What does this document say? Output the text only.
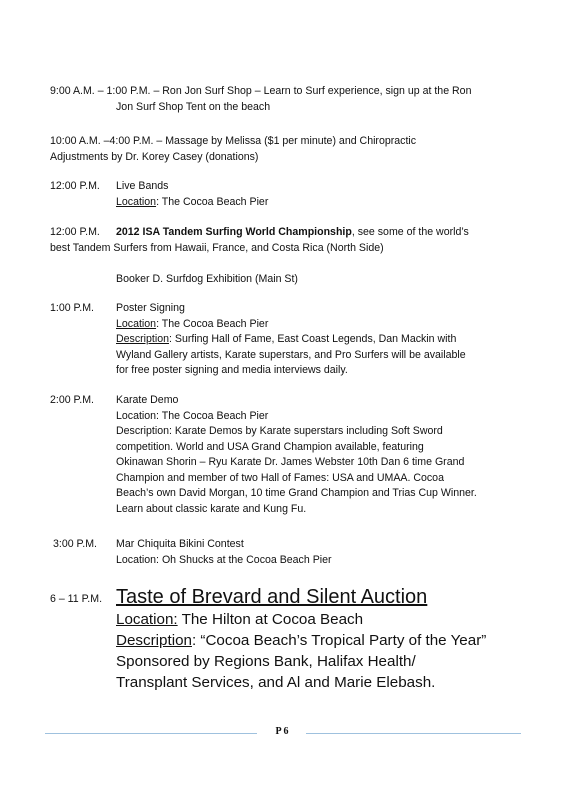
9:00 A.M. – 1:00 P.M. – Ron Jon Surf Shop – Learn to Surf experience, sign up at the Ron

Jon Surf Shop Tent on the beach
10:00 A.M. –4:00 P.M. – Massage by Melissa ($1 per minute) and Chiropractic
Adjustments by Dr. Korey Casey (donations)
12:00 P.M. Live Bands
Location: The Cocoa Beach Pier
12:00 P.M. 2012 ISA Tandem Surfing World Championship, see some of the world’s
best Tandem Surfers from Hawaii, France, and Costa Rica (North Side)
Booker D. Surfdog Exhibition (Main St)
1:00 P.M. Poster Signing
Location: The Cocoa Beach Pier
Description: Surfing Hall of Fame, East Coast Legends, Dan Mackin with
Wyland Gallery artists, Karate superstars, and Pro Surfers will be available
for free poster signing and media interviews daily.
2:00 P.M. Karate Demo
Location: The Cocoa Beach Pier
Description: Karate Demos by Karate superstars including Soft Sword
competition. World and USA Grand Champion available, featuring
Okinawan Shorin – Ryu Karate Dr. James Webster 10th Dan 6 time Grand
Champion and member of two Hall of Fames: USA and UMAA. Cocoa
Beach’s own David Morgan, 10 time Grand Champion and Trias Cup Winner.
Learn about classic karate and Kung Fu.
3:00 P.M. Mar Chiquita Bikini Contest
Location: Oh Shucks at the Cocoa Beach Pier
6 – 11 P.M. Taste of Brevard and Silent Auction
Location: The Hilton at Cocoa Beach
Description: “Cocoa Beach’s Tropical Party of the Year”
Sponsored by Regions Bank, Halifax Health/
Transplant Services, and Al and Marie Elebash.
P 6
